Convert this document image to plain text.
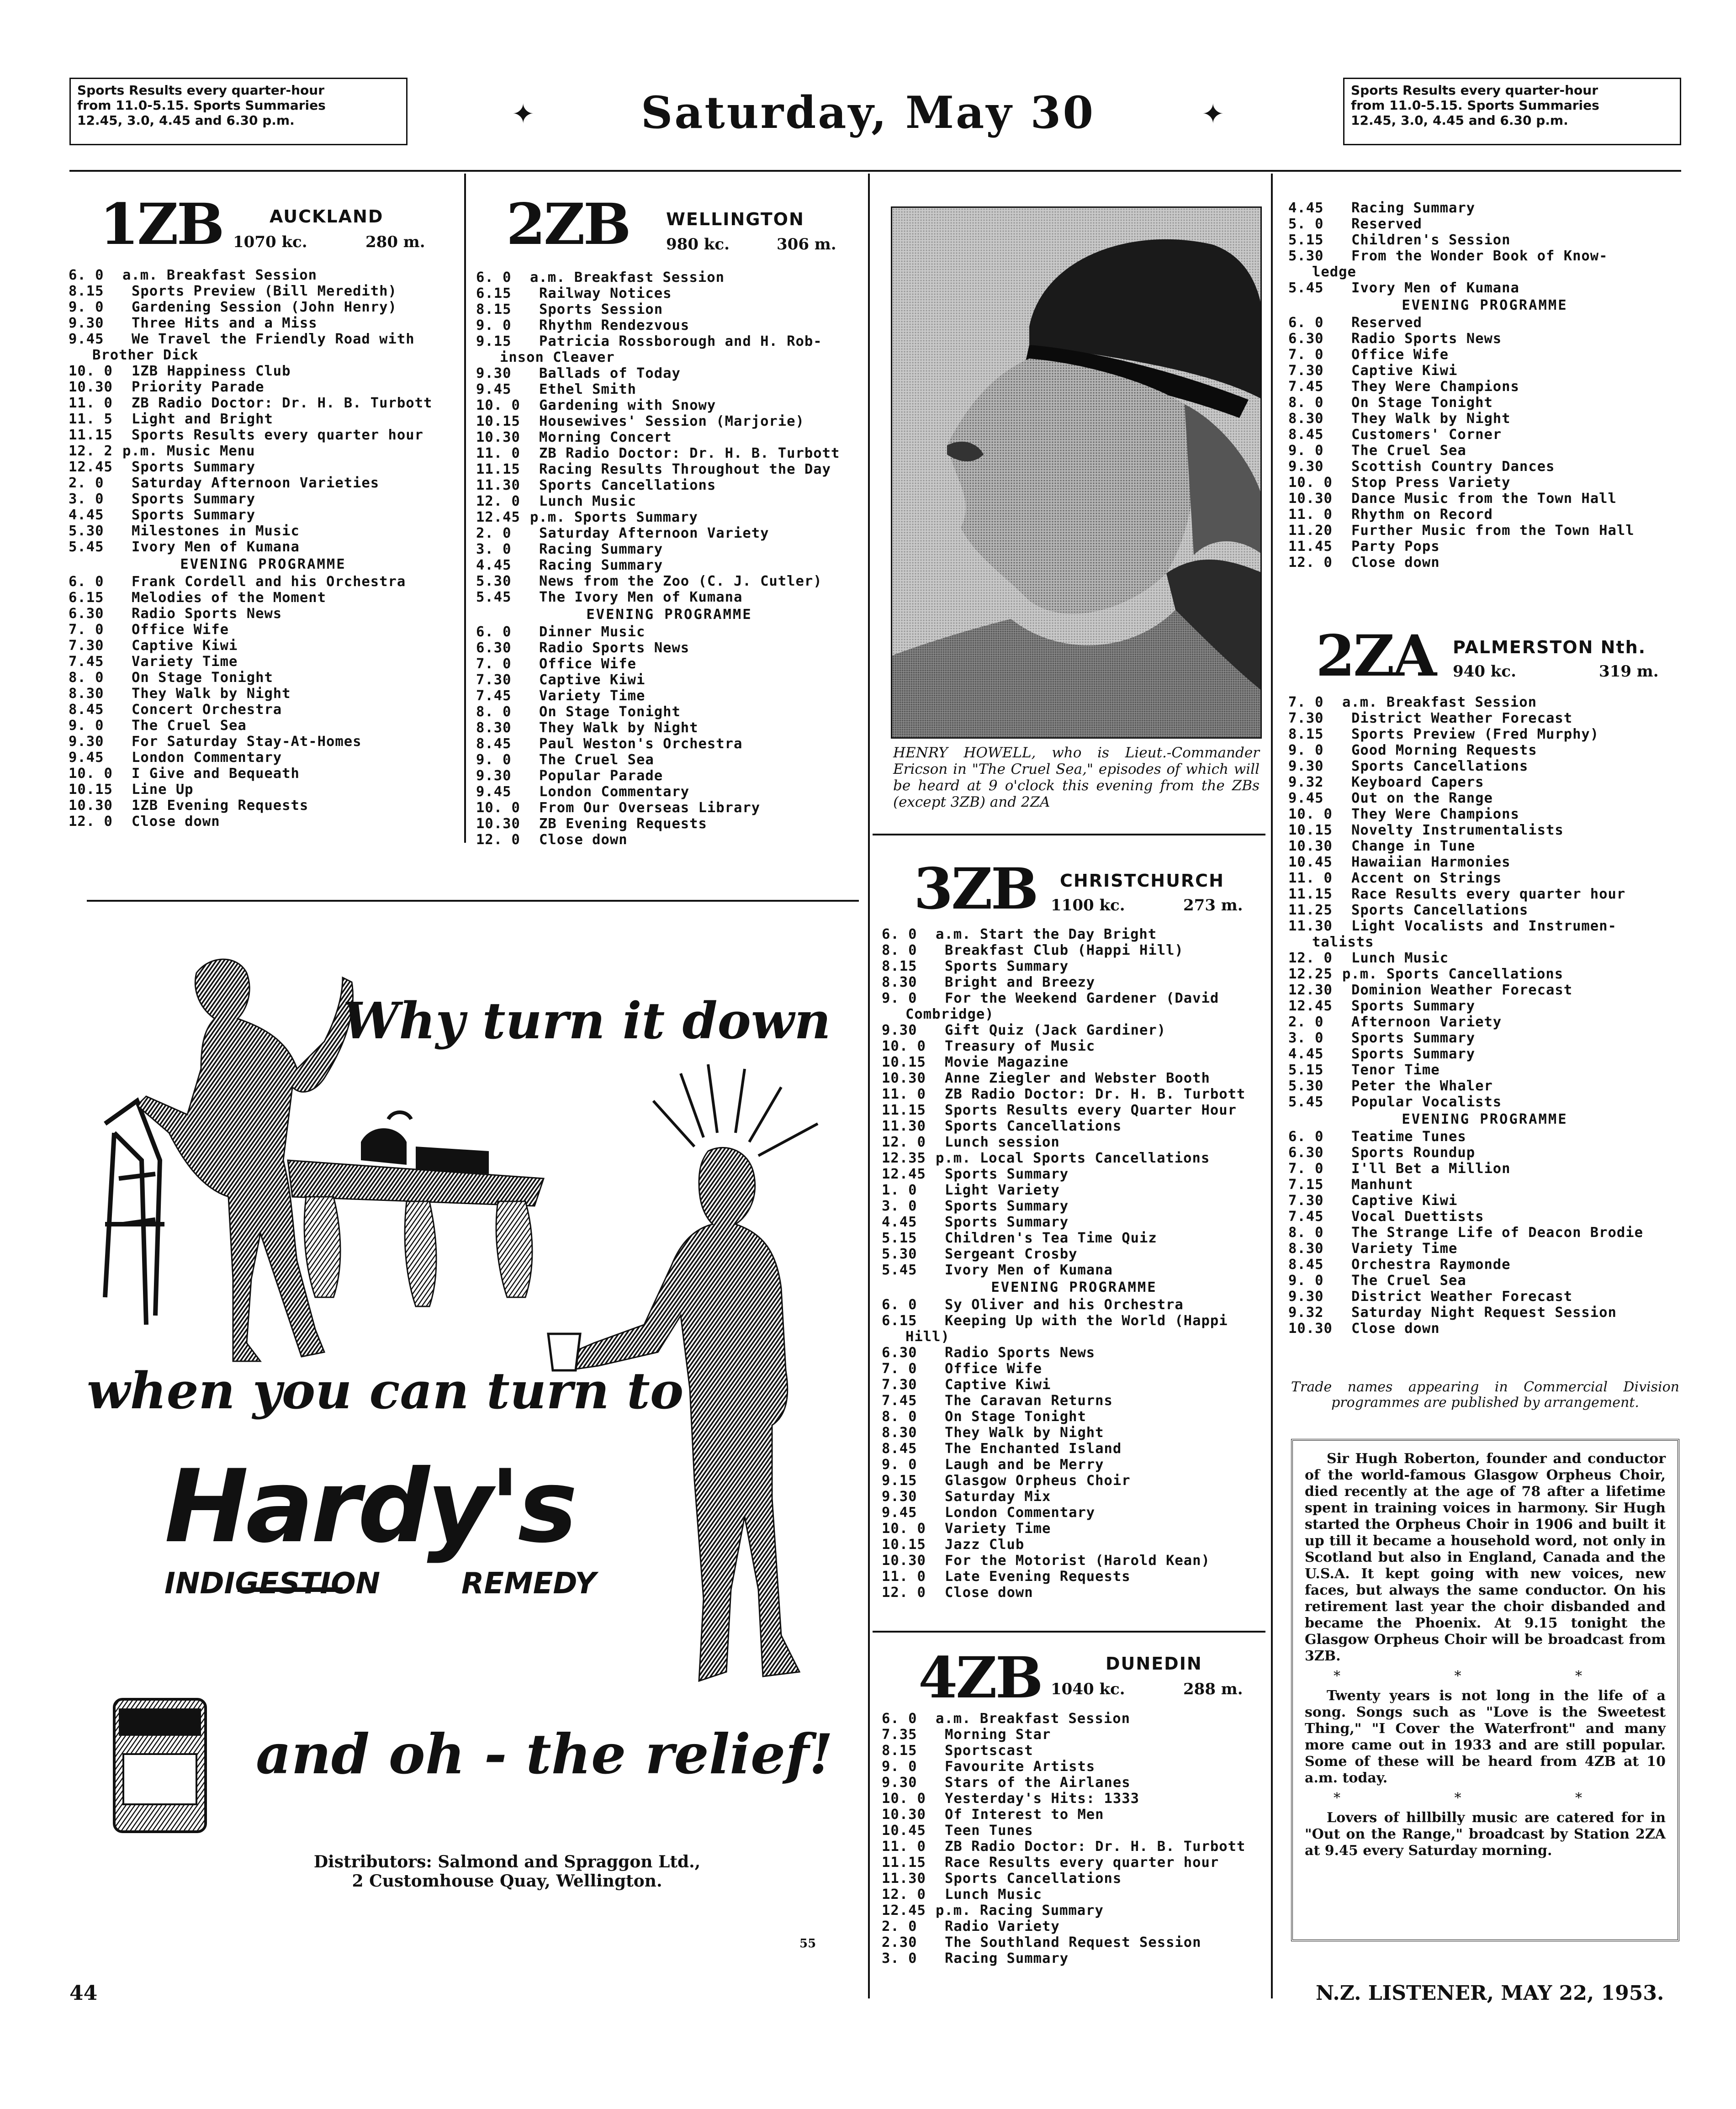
Sports Results every quarter-hour
from 11.0-5.15. Sports Summaries
12.45, 3.0, 4.45 and 6.30 p.m.	✦	Saturday, May 30	✦
Sports Results every quarter-hour
from 11.0-5.15. Sports Summaries
12.45, 3.0, 4.45 and 6.30 p.m.
1ZB	AUCKLAND
1070 kc.	280 m.
6. 0	a.m. Breakfast Session
8.15	Sports Preview (Bill Meredith)
9. 0	Gardening Session (John Henry)
9.30	Three Hits and a Miss
9.45	We Travel the Friendly Road with
Brother Dick
10. 0	1ZB Happiness Club
10.30	Priority Parade
11. 0	ZB Radio Doctor: Dr. H. B. Turbott
11. 5	Light and Bright
11.15	Sports Results every quarter hour
12. 2 p.m. Music Menu
12.45	Sports Summary
2. 0	Saturday Afternoon Varieties
3. 0	Sports Summary
4.45	Sports Summary
5.30	Milestones in Music
5.45	Ivory Men of Kumana
EVENING PROGRAMME
6. 0	Frank Cordell and his Orchestra
6.15	Melodies of the Moment
6.30	Radio Sports News
7. 0	Office Wife
7.30	Captive Kiwi
7.45	Variety Time
8. 0	On Stage Tonight
8.30	They Walk by Night
8.45	Concert Orchestra
9. 0	The Cruel Sea
9.30	For Saturday Stay-At-Homes
9.45	London Commentary
10. 0	I Give and Bequeath
10.15	Line Up
10.30	1ZB Evening Requests
12. 0	Close down
2ZB WELLINGTON
980 kc.	306 m.
6. 0	a.m. Breakfast Session
6.15	Railway Notices
8.15	Sports Session
9. 0	Rhythm Rendezvous
9.15	Patricia Rossborough and H. Rob-
inson Cleaver
9.30	Ballads of Today
9.45	Ethel Smith
10. 0	Gardening with Snowy
10.15	Housewives' Session (Marjorie)
10.30	Morning Concert
11. 0	ZB Radio Doctor: Dr. H. B. Turbott
11.15	Racing Results Throughout the Day
11.30	Sports Cancellations
12. 0	Lunch Music
12.45 p.m. Sports Summary
2. 0	Saturday Afternoon Variety
3. 0	Racing Summary
4.45	Racing Summary
5.30	News from the Zoo (C. J. Cutler)
5.45	The Ivory Men of Kumana
EVENING PROGRAMME
6. 0	Dinner Music
6.30	Radio Sports News
7. 0	Office Wife
7.30	Captive Kiwi
7.45	Variety Time
8. 0	On Stage Tonight
8.30	They Walk by Night
8.45	Paul Weston's Orchestra
9. 0	The Cruel Sea
9.30	Popular Parade
9.45	London Commentary
10. 0	From Our Overseas Library
10.30	ZB Evening Requests
12. 0	Close down
HENRY HOWELL, who is Lieut.-Commander Ericson in "The Cruel Sea," episodes of which will be heard at 9 o'clock this evening from the ZBs (except 3ZB) and 2ZA
3ZB CHRISTCHURCH
1100 kc.	273 m.
6. 0	a.m. Start the Day Bright
8. 0	Breakfast Club (Happi Hill)
8.15	Sports Summary
8.30	Bright and Breezy
9. 0	For the Weekend Gardener (David
Combridge)
9.30	Gift Quiz (Jack Gardiner)
10. 0	Treasury of Music
10.15	Movie Magazine
10.30	Anne Ziegler and Webster Booth
11. 0	ZB Radio Doctor: Dr. H. B. Turbott
11.15	Sports Results every Quarter Hour
11.30	Sports Cancellations
12. 0	Lunch session
12.35 p.m. Local Sports Cancellations
12.45	Sports Summary
1. 0	Light Variety
3. 0	Sports Summary
4.45	Sports Summary
5.15	Children's Tea Time Quiz
5.30	Sergeant Crosby
5.45	Ivory Men of Kumana
EVENING PROGRAMME
6. 0	Sy Oliver and his Orchestra
6.15	Keeping Up with the World (Happi
Hill)
6.30	Radio Sports News
7. 0	Office Wife
7.30	Captive Kiwi
7.45	The Caravan Returns
8. 0	On Stage Tonight
8.30	They Walk by Night
8.45	The Enchanted Island
9. 0	Laugh and be Merry
9.15	Glasgow Orpheus Choir
9.30	Saturday Mix
9.45	London Commentary
10. 0	Variety Time
10.15	Jazz Club
10.30	For the Motorist (Harold Kean)
11. 0	Late Evening Requests
12. 0	Close down
4ZB	DUNEDIN
1040 kc.	288 m.
6. 0	a.m. Breakfast Session
7.35	Morning Star
8.15	Sportscast
9. 0	Favourite Artists
9.30	Stars of the Airlanes
10. 0	Yesterday's Hits: 1333
10.30	Of Interest to Men
10.45	Teen Tunes
11. 0	ZB Radio Doctor: Dr. H. B. Turbott
11.15	Race Results every quarter hour
11.30	Sports Cancellations
12. 0	Lunch Music
12.45 p.m. Racing Summary
2. 0	Radio Variety
2.30	The Southland Request Session
3. 0	Racing Summary
4.45	Racing Summary
5. 0	Reserved
5.15	Children's Session
5.30	From the Wonder Book of Know-
ledge
5.45	Ivory Men of Kumana
EVENING PROGRAMME
6. 0	Reserved
6.30	Radio Sports News
7. 0	Office Wife
7.30	Captive Kiwi
7.45	They Were Champions
8. 0	On Stage Tonight
8.30	They Walk by Night
8.45	Customers' Corner
9. 0	The Cruel Sea
9.30	Scottish Country Dances
10. 0	Stop Press Variety
10.30	Dance Music from the Town Hall
11. 0	Rhythm on Record
11.20	Further Music from the Town Hall
11.45	Party Pops
12. 0	Close down
2ZA PALMERSTON Nth.
940 kc.	319 m.
7. 0	a.m. Breakfast Session
7.30	District Weather Forecast
8.15	Sports Preview (Fred Murphy)
9. 0	Good Morning Requests
9.30	Sports Cancellations
9.32	Keyboard Capers
9.45	Out on the Range
10. 0	They Were Champions
10.15	Novelty Instrumentalists
10.30	Change in Tune
10.45	Hawaiian Harmonies
11. 0	Accent on Strings
11.15	Race Results every quarter hour
11.25	Sports Cancellations
11.30	Light Vocalists and Instrumen-
talists
12. 0	Lunch Music
12.25 p.m. Sports Cancellations
12.30	Dominion Weather Forecast
12.45	Sports Summary
2. 0	Afternoon Variety
3. 0	Sports Summary
4.45	Sports Summary
5.15	Tenor Time
5.30	Peter the Whaler
5.45	Popular Vocalists
EVENING PROGRAMME
6. 0	Teatime Tunes
6.30	Sports Roundup
7. 0	I'll Bet a Million
7.15	Manhunt
7.30	Captive Kiwi
7.45	Vocal Duettists
8. 0	The Strange Life of Deacon Brodie
8.30	Variety Time
8.45	Orchestra Raymonde
9. 0	The Cruel Sea
9.30	District Weather Forecast
9.32	Saturday Night Request Session
10.30	Close down
Trade names appearing in Commercial Division programmes are published by arrangement.

Sir Hugh Roberton, founder and conductor of the world-famous Glasgow Orpheus Choir, died recently at the age of 78 after a lifetime spent in training voices in harmony. Sir Hugh started the Orpheus Choir in 1906 and built it up till it became a household word, not only in Scotland but also in England, Canada and the U.S.A. It kept going with new voices, new faces, but always the same conductor. On his retirement last year the choir disbanded and became the Phoenix. At 9.15 tonight the Glasgow Orpheus Choir will be broadcast from 3ZB.

* * *

Twenty years is not long in the life of a song. Songs such as "Love is the Sweetest Thing," "I Cover the Waterfront" and many more came out in 1933 and are still popular. Some of these will be heard from 4ZB at 10 a.m. today.

* * *

Lovers of hillbilly music are catered for in "Out on the Range," broadcast by Station 2ZA at 9.45 every Saturday morning.

Why turn it down
when you can turn to
Hardy's
INDIGESTION	REMEDY
and oh - the relief!
Distributors: Salmond and Spraggon Ltd.,
2 Customhouse Quay, Wellington.
55
44	N.Z. LISTENER, MAY 22, 1953.
